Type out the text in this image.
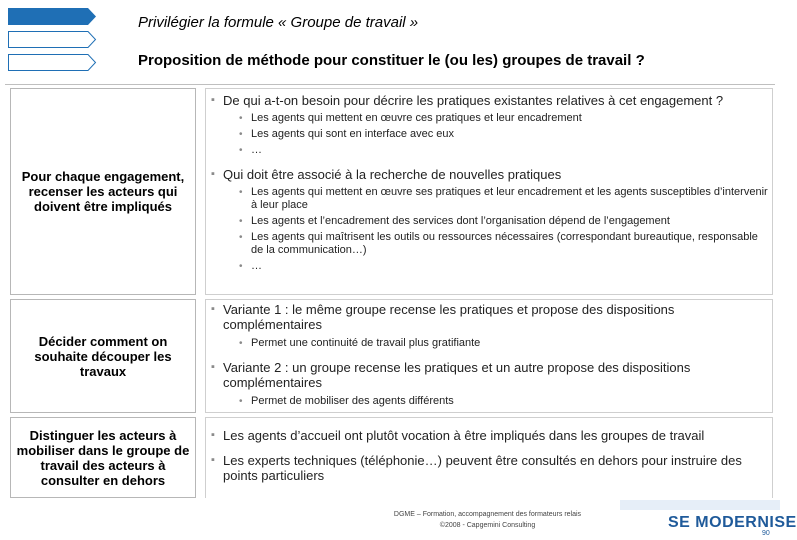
Privilégier la formule « Groupe de travail »
Proposition de méthode pour constituer le (ou les) groupes de travail ?
Pour chaque engagement, recenser les acteurs qui doivent être impliqués
▪ De qui a-t-on besoin pour décrire les pratiques existantes relatives à cet engagement ?
• Les agents qui mettent en œuvre ces pratiques et leur encadrement
• Les agents qui sont en interface avec eux
• …
▪ Qui doit être associé à la recherche de nouvelles pratiques
• Les agents qui mettent en œuvre ses pratiques et leur encadrement et les agents susceptibles d’intervenir à leur place
• Les agents et l’encadrement des services dont l’organisation dépend de l’engagement
• Les agents qui maîtrisent les outils ou ressources nécessaires (correspondant bureautique, responsable de la communication…)
• …
Décider comment on souhaite découper les travaux
▪ Variante 1 : le même groupe recense les pratiques et propose des dispositions complémentaires
• Permet une continuité de travail plus gratifiante
▪ Variante 2 : un groupe recense les pratiques et un autre propose des dispositions complémentaires
• Permet de mobiliser des agents différents
Distinguer les acteurs à mobiliser dans le groupe de travail des acteurs à consulter en dehors
▪ Les agents d’accueil ont plutôt vocation à être impliqués dans les groupes de travail
▪ Les experts techniques (téléphonie…) peuvent être consultés en dehors pour instruire des points particuliers
DGME – Formation, accompagnement des formateurs relais
©2008 - Capgemini Consulting	SE MODERNISE
90
